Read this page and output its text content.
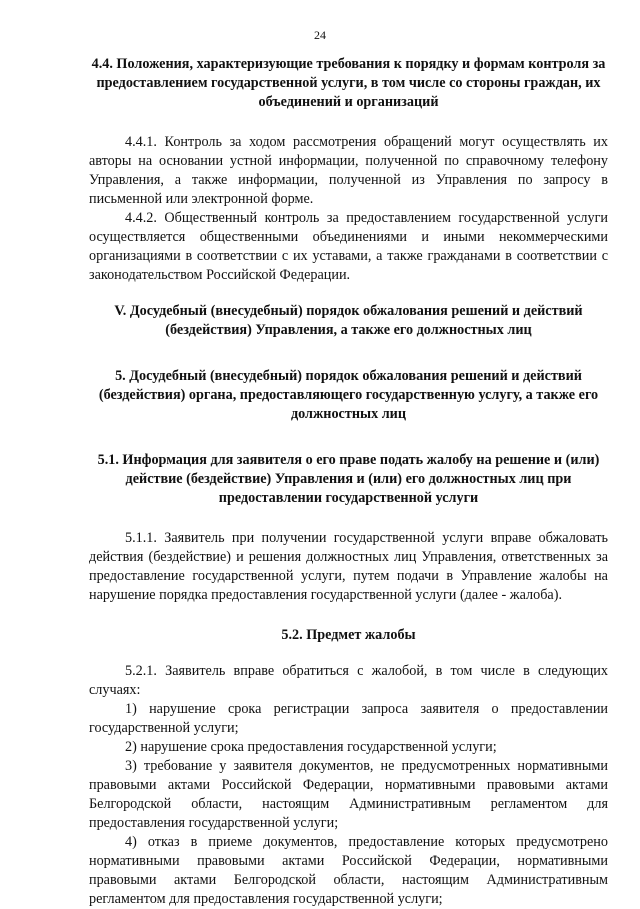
24
4.4. Положения, характеризующие требования к порядку и формам контроля за предоставлением государственной услуги, в том числе со стороны граждан, их объединений и организаций

4.4.1. Контроль за ходом рассмотрения обращений могут осуществлять их авторы на основании устной информации, полученной по справочному телефону Управления, а также информации, полученной из Управления по запросу в письменной или электронной форме.

4.4.2. Общественный контроль за предоставлением государственной услуги осуществляется общественными объединениями и иными некоммерческими организациями в соответствии с их уставами, а также гражданами в соответствии с законодательством Российской Федерации.

V. Досудебный (внесудебный) порядок обжалования решений и действий (бездействия) Управления, а также его должностных лиц
5. Досудебный (внесудебный) порядок обжалования решений и действий (бездействия) органа, предоставляющего государственную услугу, а также его должностных лиц
5.1. Информация для заявителя о его праве подать жалобу на решение и (или) действие (бездействие) Управления и (или) его должностных лиц при предоставлении государственной услуги

5.1.1. Заявитель при получении государственной услуги вправе обжаловать действия (бездействие) и решения должностных лиц Управления, ответственных за предоставление государственной услуги, путем подачи в Управление жалобы на нарушение порядка предоставления государственной услуги (далее - жалоба).

5.2. Предмет жалобы

5.2.1. Заявитель вправе обратиться с жалобой, в том числе в следующих случаях:

1) нарушение срока регистрации запроса заявителя о предоставлении государственной услуги;

2) нарушение срока предоставления государственной услуги;

3) требование у заявителя документов, не предусмотренных нормативными правовыми актами Российской Федерации, нормативными правовыми актами Белгородской области, настоящим Административным регламентом для предоставления государственной услуги;

4) отказ в приеме документов, предоставление которых предусмотрено нормативными правовыми актами Российской Федерации, нормативными правовыми актами Белгородской области, настоящим Административным регламентом для предоставления государственной услуги;
